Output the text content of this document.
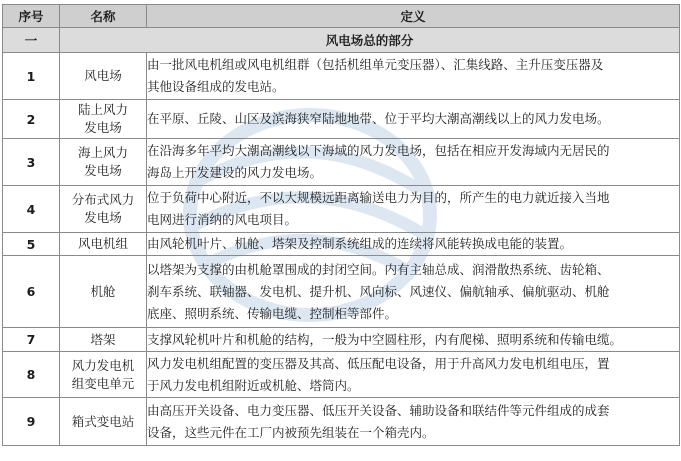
序号	名称	定义
一	风电场总的部分	
1	风电场	由一批风电机组或风电机组群（包括机组单元变压器）、汇集线路、主升压变压器及
其他设备组成的发电站。

2	陆上风力
发电场	在平原、丘陵、山区及滨海狭窄陆地地带、位于平均大潮高潮线以上的风力发电场。

3	海上风力
发电场	在沿海多年平均大潮高潮线以下海域的风力发电场，包括在相应开发海域内无居民的
海岛上开发建设的风力发电场。

4	分布式风力
发电场	位于负荷中心附近，不以大规模远距离输送电力为目的，所产生的电力就近接入当地
电网进行消纳的风电项目。

5	风电机组	由风轮机叶片、机舱、塔架及控制系统组成的连续将风能转换成电能的装置。

6	机舱	以塔架为支撑的由机舱罩围成的封闭空间。内有主轴总成、润滑散热系统、齿轮箱、
刹车系统、联轴器、发电机、提升机、风向标、风速仪、偏航轴承、偏航驱动、机舱
底座、照明系统、传输电缆、控制柜等部件。

7	塔架	支撑风轮机叶片和机舱的结构，一般为中空圆柱形，内有爬梯、照明系统和传输电缆。

8	风力发电机
组变电单元	风力发电机组配置的变压器及其高、低压配电设备，用于升高风力发电机组电压，置
于风力发电机组附近或机舱、塔筒内。

9	箱式变电站	由高压开关设备、电力变压器、低压开关设备、辅助设备和联结件等元件组成的成套
设备，这些元件在工厂内被预先组装在一个箱壳内。
